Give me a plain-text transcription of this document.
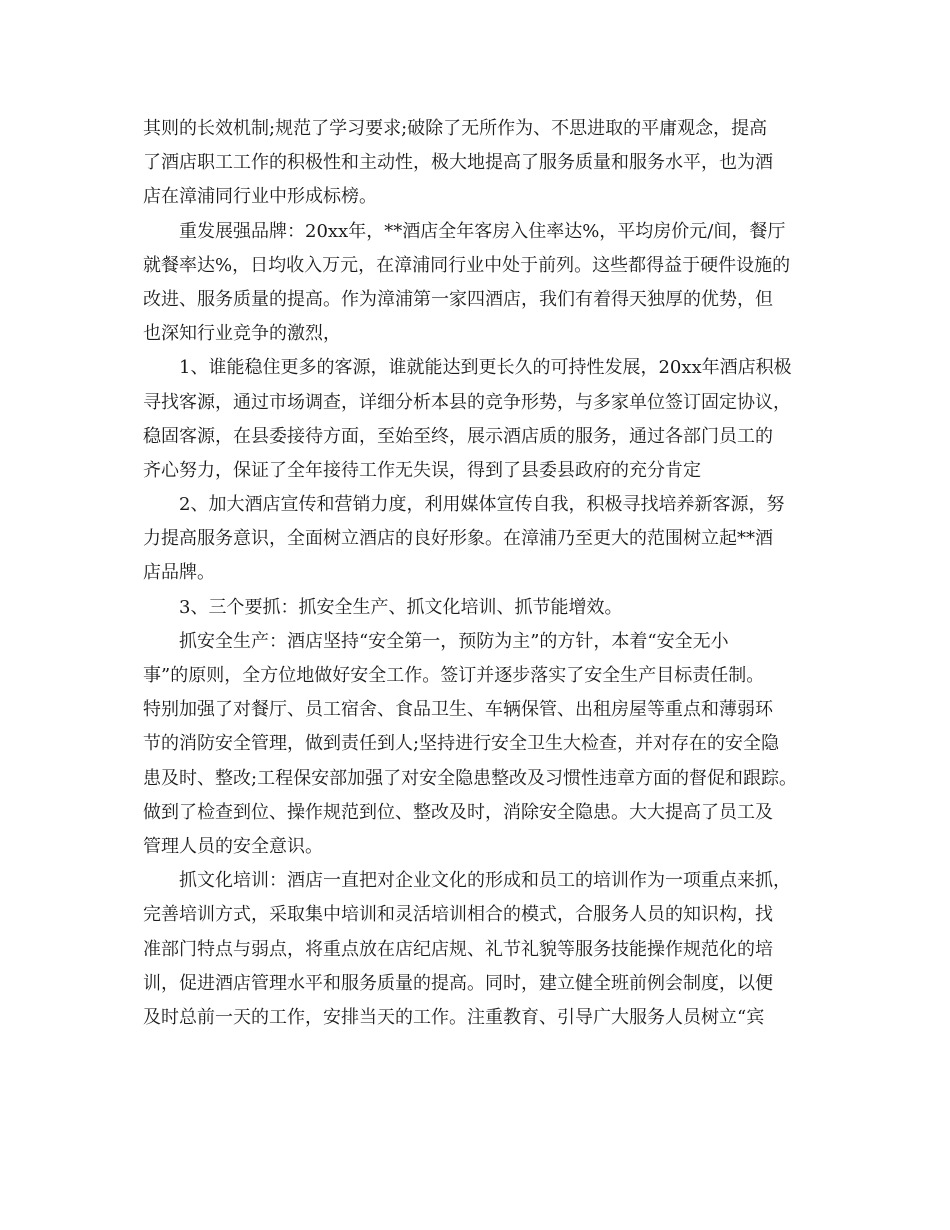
其则的长效机制;规范了学习要求;破除了无所作为、不思进取的平庸观念，提高
了酒店职工工作的积极性和主动性，极大地提高了服务质量和服务水平，也为酒
店在漳浦同行业中形成标榜。
重发展强品牌：20xx年，**酒店全年客房入住率达%，平均房价元/间，餐厅
就餐率达%，日均收入万元，在漳浦同行业中处于前列。这些都得益于硬件设施的
改进、服务质量的提高。作为漳浦第一家四酒店，我们有着得天独厚的优势，但
也深知行业竞争的激烈，
1、谁能稳住更多的客源，谁就能达到更长久的可持性发展，20xx年酒店积极
寻找客源，通过市场调查，详细分析本县的竞争形势，与多家单位签订固定协议，
稳固客源，在县委接待方面，至始至终，展示酒店质的服务，通过各部门员工的
齐心努力，保证了全年接待工作无失误，得到了县委县政府的充分肯定
2、加大酒店宣传和营销力度，利用媒体宣传自我，积极寻找培养新客源，努
力提高服务意识，全面树立酒店的良好形象。在漳浦乃至更大的范围树立起**酒
店品牌。
3、三个要抓：抓安全生产、抓文化培训、抓节能增效。
抓安全生产：酒店坚持“安全第一，预防为主”的方针，本着“安全无小
事”的原则，全方位地做好安全工作。签订并逐步落实了安全生产目标责任制。
特别加强了对餐厅、员工宿舍、食品卫生、车辆保管、出租房屋等重点和薄弱环
节的消防安全管理，做到责任到人;坚持进行安全卫生大检查，并对存在的安全隐
患及时、整改;工程保安部加强了对安全隐患整改及习惯性违章方面的督促和跟踪。
做到了检查到位、操作规范到位、整改及时，消除安全隐患。大大提高了员工及
管理人员的安全意识。
抓文化培训：酒店一直把对企业文化的形成和员工的培训作为一项重点来抓，
完善培训方式，采取集中培训和灵活培训相合的模式，合服务人员的知识构，找
准部门特点与弱点，将重点放在店纪店规、礼节礼貌等服务技能操作规范化的培
训，促进酒店管理水平和服务质量的提高。同时，建立健全班前例会制度，以便
及时总前一天的工作，安排当天的工作。注重教育、引导广大服务人员树立“宾
